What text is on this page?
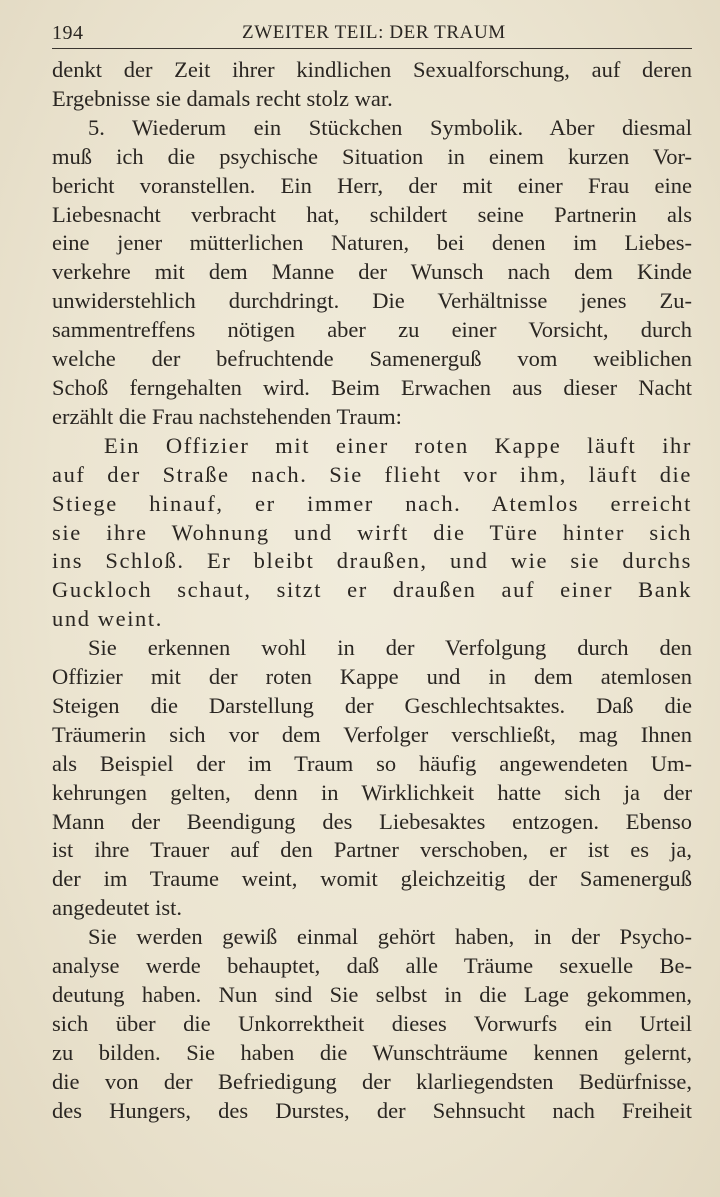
194	ZWEITER TEIL: DER TRAUM

denkt der Zeit ihrer kindlichen Sexualforschung, auf deren
Ergebnisse sie damals recht stolz war.

5. Wiederum ein Stückchen Symbolik. Aber diesmal
muß ich die psychische Situation in einem kurzen Vor-
bericht voranstellen. Ein Herr, der mit einer Frau eine
Liebesnacht verbracht hat, schildert seine Partnerin als
eine jener mütterlichen Naturen, bei denen im Liebes-
verkehre mit dem Manne der Wunsch nach dem Kinde
unwiderstehlich durchdringt. Die Verhältnisse jenes Zu-
sammentreffens nötigen aber zu einer Vorsicht, durch
welche der befruchtende Samenerguß vom weiblichen
Schoß ferngehalten wird. Beim Erwachen aus dieser Nacht
erzählt die Frau nachstehenden Traum:

Ein Offizier mit einer roten Kappe läuft ihr
auf der Straße nach. Sie flieht vor ihm, läuft die
Stiege hinauf, er immer nach. Atemlos erreicht
sie ihre Wohnung und wirft die Türe hinter sich
ins Schloß. Er bleibt draußen, und wie sie durchs
Guckloch schaut, sitzt er draußen auf einer Bank
und weint.

Sie erkennen wohl in der Verfolgung durch den
Offizier mit der roten Kappe und in dem atemlosen
Steigen die Darstellung der Geschlechtsaktes. Daß die
Träumerin sich vor dem Verfolger verschließt, mag Ihnen
als Beispiel der im Traum so häufig angewendeten Um-
kehrungen gelten, denn in Wirklichkeit hatte sich ja der
Mann der Beendigung des Liebesaktes entzogen. Ebenso
ist ihre Trauer auf den Partner verschoben, er ist es ja,
der im Traume weint, womit gleichzeitig der Samenerguß
angedeutet ist.

Sie werden gewiß einmal gehört haben, in der Psycho-
analyse werde behauptet, daß alle Träume sexuelle Be-
deutung haben. Nun sind Sie selbst in die Lage gekommen,
sich über die Unkorrektheit dieses Vorwurfs ein Urteil
zu bilden. Sie haben die Wunschträume kennen gelernt,
die von der Befriedigung der klarliegendsten Bedürfnisse,
des Hungers, des Durstes, der Sehnsucht nach Freiheit
